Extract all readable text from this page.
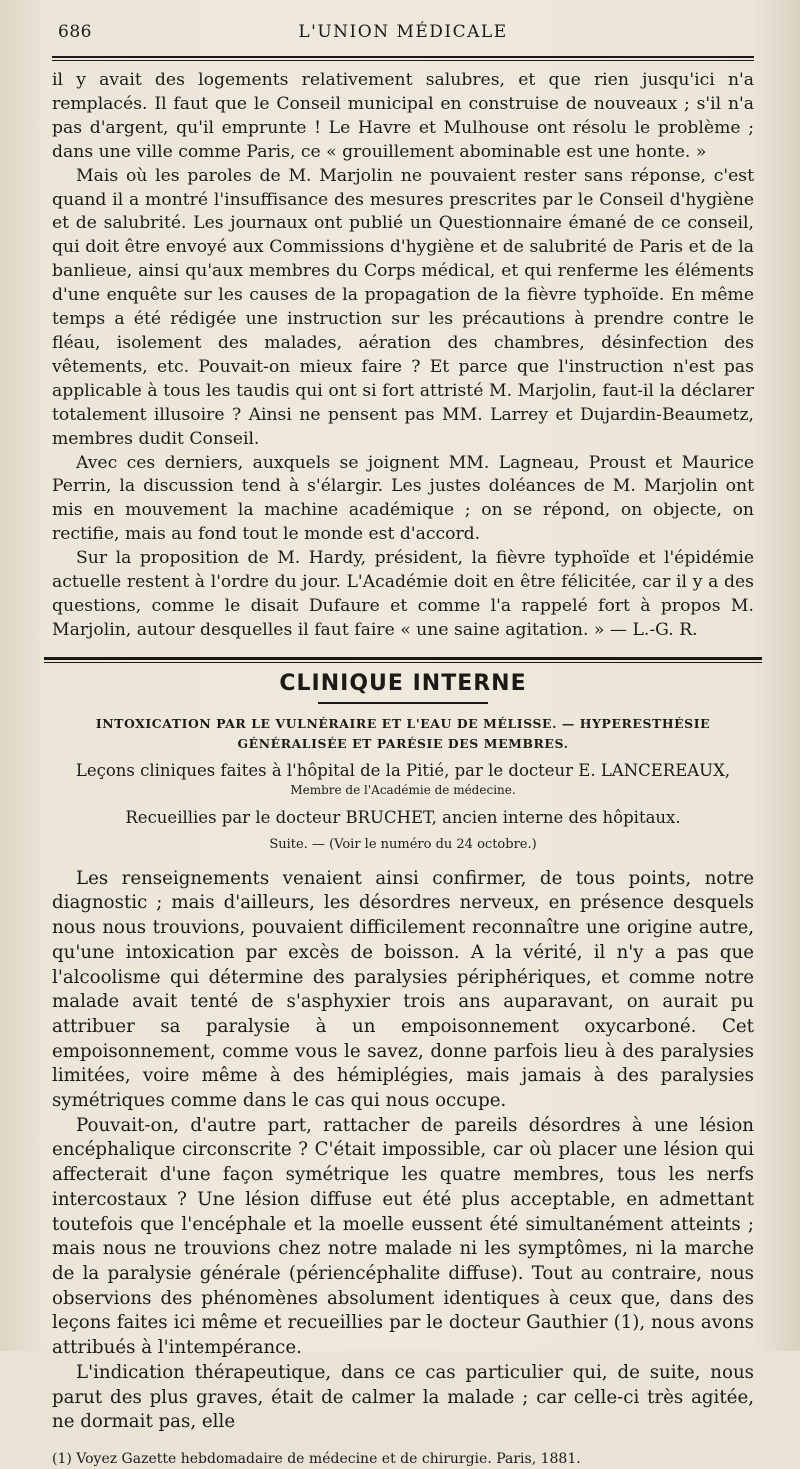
686	L'UNION MÉDICALE

il y avait des logements relativement salubres, et que rien jusqu'ici n'a remplacés. Il faut que le Conseil municipal en construise de nouveaux ; s'il n'a pas d'argent, qu'il emprunte ! Le Havre et Mulhouse ont résolu le problème ; dans une ville comme Paris, ce « grouillement abominable est une honte. »

Mais où les paroles de M. Marjolin ne pouvaient rester sans réponse, c'est quand il a montré l'insuffisance des mesures prescrites par le Conseil d'hygiène et de salubrité. Les journaux ont publié un Questionnaire émané de ce conseil, qui doit être envoyé aux Commissions d'hygiène et de salubrité de Paris et de la banlieue, ainsi qu'aux membres du Corps médical, et qui renferme les éléments d'une enquête sur les causes de la propagation de la fièvre typhoïde. En même temps a été rédigée une instruction sur les précautions à prendre contre le fléau, isolement des malades, aération des chambres, désinfection des vêtements, etc. Pouvait-on mieux faire ? Et parce que l'instruction n'est pas applicable à tous les taudis qui ont si fort attristé M. Marjolin, faut-il la déclarer totalement illusoire ? Ainsi ne pensent pas MM. Larrey et Dujardin-Beaumetz, membres dudit Conseil.

Avec ces derniers, auxquels se joignent MM. Lagneau, Proust et Maurice Perrin, la discussion tend à s'élargir. Les justes doléances de M. Marjolin ont mis en mouvement la machine académique ; on se répond, on objecte, on rectifie, mais au fond tout le monde est d'accord.

Sur la proposition de M. Hardy, président, la fièvre typhoïde et l'épidémie actuelle restent à l'ordre du jour. L'Académie doit en être félicitée, car il y a des questions, comme le disait Dufaure et comme l'a rappelé fort à propos M. Marjolin, autour desquelles il faut faire « une saine agitation. » — L.-G. R.

CLINIQUE INTERNE
INTOXICATION PAR LE VULNÉRAIRE ET L'EAU DE MÉLISSE. — HYPERESTHÉSIE
GÉNÉRALISÉE ET PARÉSIE DES MEMBRES.
Leçons cliniques faites à l'hôpital de la Pitié, par le docteur E. LANCEREAUX,
Membre de l'Académie de médecine.
Recueillies par le docteur BRUCHET, ancien interne des hôpitaux.
Suite. — (Voir le numéro du 24 octobre.)

Les renseignements venaient ainsi confirmer, de tous points, notre diagnostic ; mais d'ailleurs, les désordres nerveux, en présence desquels nous nous trouvions, pouvaient difficilement reconnaître une origine autre, qu'une intoxication par excès de boisson. A la vérité, il n'y a pas que l'alcoolisme qui détermine des paralysies périphériques, et comme notre malade avait tenté de s'asphyxier trois ans auparavant, on aurait pu attribuer sa paralysie à un empoisonnement oxycarboné. Cet empoisonnement, comme vous le savez, donne parfois lieu à des paralysies limitées, voire même à des hémiplégies, mais jamais à des paralysies symétriques comme dans le cas qui nous occupe.

Pouvait-on, d'autre part, rattacher de pareils désordres à une lésion encéphalique circonscrite ? C'était impossible, car où placer une lésion qui affecterait d'une façon symétrique les quatre membres, tous les nerfs intercostaux ? Une lésion diffuse eut été plus acceptable, en admettant toutefois que l'encéphale et la moelle eussent été simultanément atteints ; mais nous ne trouvions chez notre malade ni les symptômes, ni la marche de la paralysie générale (périencéphalite diffuse). Tout au contraire, nous observions des phénomènes absolument identiques à ceux que, dans des leçons faites ici même et recueillies par le docteur Gauthier (1), nous avons attribués à l'intempérance.

L'indication thérapeutique, dans ce cas particulier qui, de suite, nous parut des plus graves, était de calmer la malade ; car celle-ci très agitée, ne dormait pas, elle

(1) Voyez Gazette hebdomadaire de médecine et de chirurgie. Paris, 1881.
